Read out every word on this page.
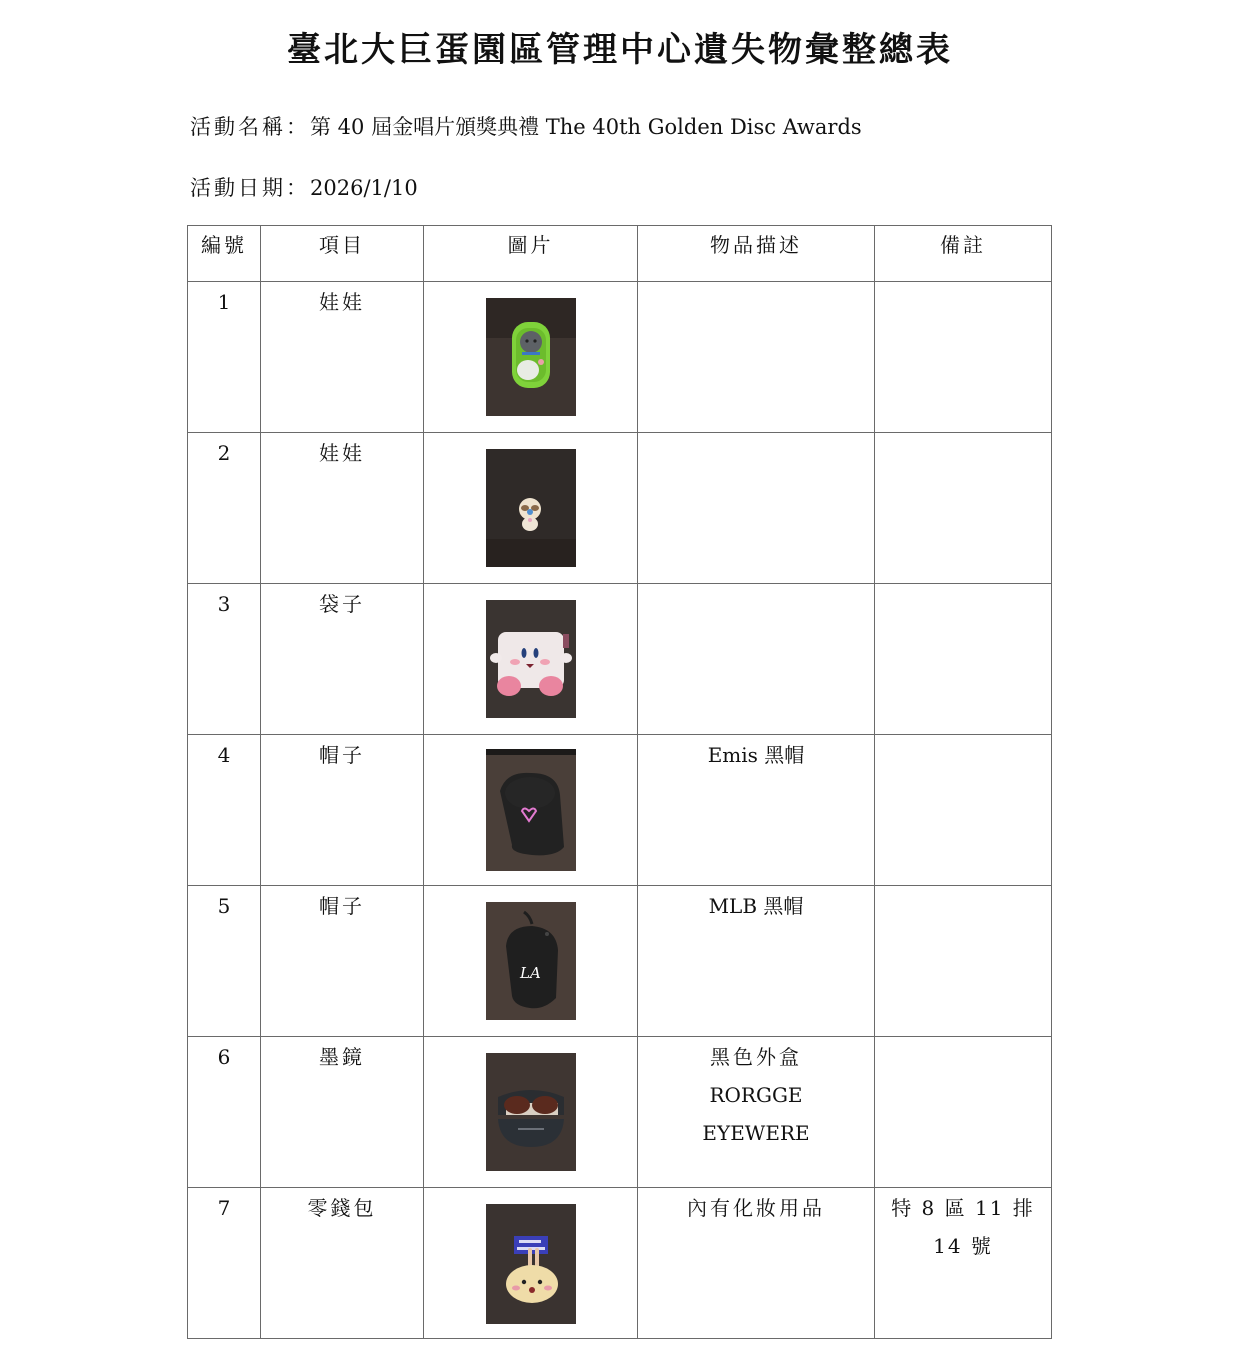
臺北大巨蛋園區管理中心遺失物彙整總表
活動名稱：第 40 屆金唱片頒獎典禮 The 40th Golden Disc Awards
活動日期：2026/1/10
編號	項目	圖片	物品描述	備註

1	娃娃

2	娃娃

3	袋子

4	帽子		Emis 黑帽	

5	帽子	LA	MLB 黑帽	

6	墨鏡		黑色外盒
RORGGE
EYEWERE	

7	零錢包		內有化妝用品	特 8 區 11 排
14 號
